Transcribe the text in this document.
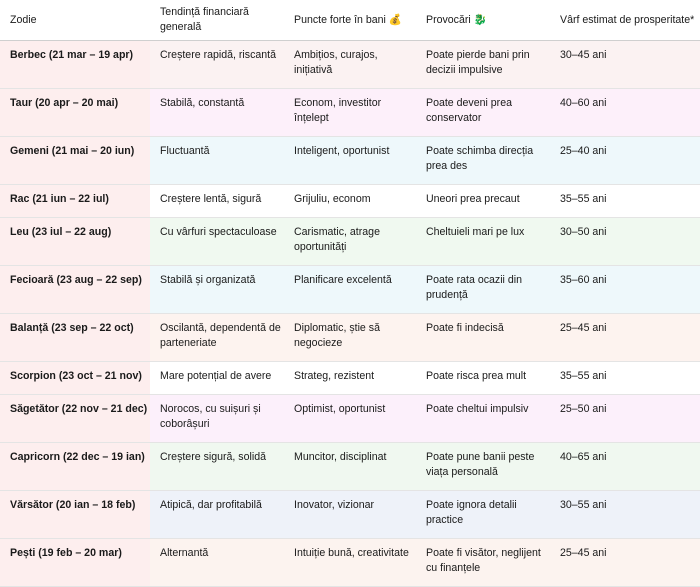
Zodie	Tendință financiară generală	Puncte forte în bani 💰	Provocări 🐉	Vârf estimat de prosperitate*
Berbec (21 mar – 19 apr)	Creștere rapidă, riscantă	Ambițios, curajos, inițiativă	Poate pierde bani prin decizii impulsive	30–45 ani
Taur (20 apr – 20 mai)	Stabilă, constantă	Econom, investitor înțelept	Poate deveni prea conservator	40–60 ani
Gemeni (21 mai – 20 iun)	Fluctuantă	Inteligent, oportunist	Poate schimba direcția prea des	25–40 ani
Rac (21 iun – 22 iul)	Creștere lentă, sigură	Grijuliu, econom	Uneori prea precaut	35–55 ani
Leu (23 iul – 22 aug)	Cu vârfuri spectaculoase	Carismatic, atrage oportunități	Cheltuieli mari pe lux	30–50 ani
Fecioară (23 aug – 22 sep)	Stabilă și organizată	Planificare excelentă	Poate rata ocazii din prudență	35–60 ani
Balanță (23 sep – 22 oct)	Oscilantă, dependentă de parteneriate	Diplomatic, știe să negocieze	Poate fi indecisă	25–45 ani
Scorpion (23 oct – 21 nov)	Mare potențial de avere	Strateg, rezistent	Poate risca prea mult	35–55 ani
Săgetător (22 nov – 21 dec)	Norocos, cu suișuri și coborâșuri	Optimist, oportunist	Poate cheltui impulsiv	25–50 ani
Capricorn (22 dec – 19 ian)	Creștere sigură, solidă	Muncitor, disciplinat	Poate pune banii peste viața personală	40–65 ani
Vărsător (20 ian – 18 feb)	Atipică, dar profitabilă	Inovator, vizionar	Poate ignora detalii practice	30–55 ani
Pești (19 feb – 20 mar)	Alternantă	Intuiție bună, creativitate	Poate fi visător, neglijent cu finanțele	25–45 ani
